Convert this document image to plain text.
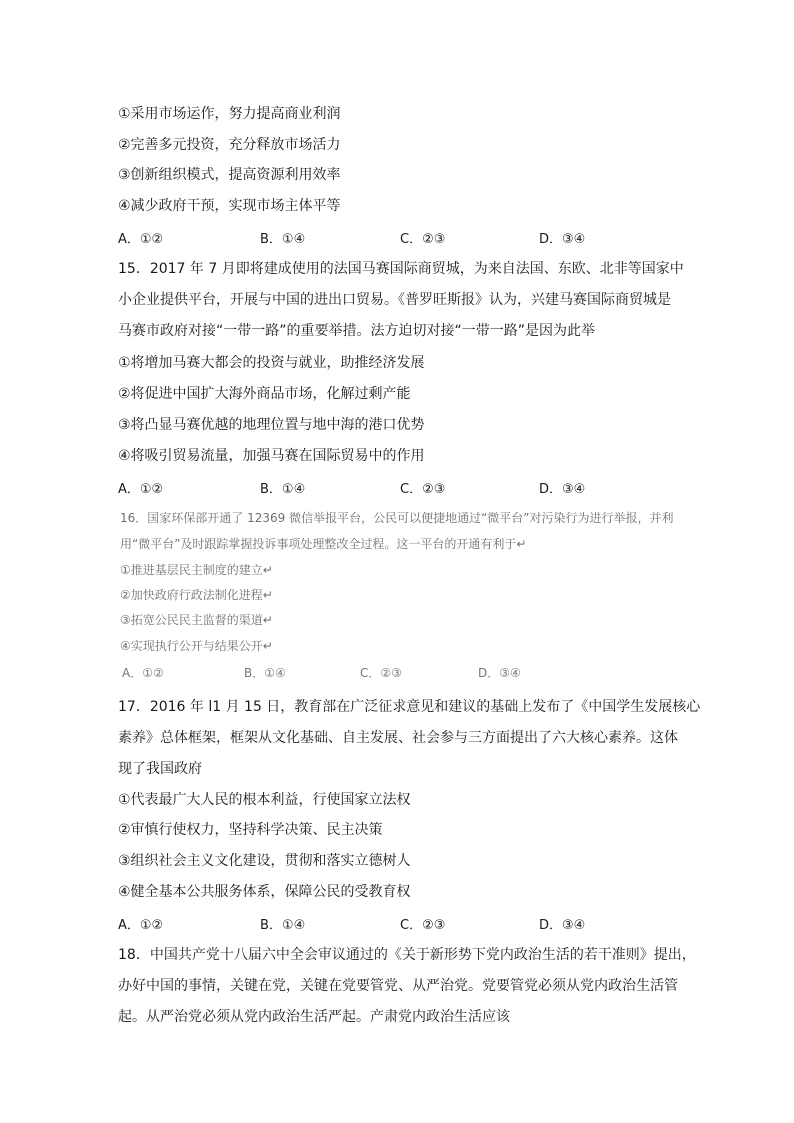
①采用市场运作，努力提高商业利润
②完善多元投资，充分释放市场活力
③创新组织模式，提高资源利用效率
④减少政府干预，实现市场主体平等
A．①②	B．①④	C．②③	D．③④
15．2017 年 7 月即将建成使用的法国马赛国际商贸城，为来自法国、东欧、北非等国家中
小企业提供平台，开展与中国的进出口贸易。《普罗旺斯报》认为，兴建马赛国际商贸城是
马赛市政府对接“一带一路”的重要举措。法方迫切对接“一带一路”是因为此举
①将增加马赛大都会的投资与就业，助推经济发展
②将促进中国扩大海外商品市场，化解过剩产能
③将凸显马赛优越的地理位置与地中海的港口优势
④将吸引贸易流量，加强马赛在国际贸易中的作用
A．①②	B．①④	C．②③	D．③④
16．国家环保部开通了 12369 微信举报平台，公民可以便捷地通过“微平台”对污染行为进行举报，并利
用“微平台”及时跟踪掌握投诉事项处理整改全过程。这一平台的开通有利于↵
①推进基层民主制度的建立↵
②加快政府行政法制化进程↵
③拓宽公民民主监督的渠道↵
④实现执行公开与结果公开↵
A．①②	B．①④	C．②③	D．③④
17．2016 年 l1 月 15 日，教育部在广泛征求意见和建议的基础上发布了《中国学生发展核心
素养》总体框架，框架从文化基础、自主发展、社会参与三方面提出了六大核心素养。这体
现了我国政府
①代表最广大人民的根本利益，行使国家立法权
②审慎行使权力，坚持科学决策、民主决策
③组织社会主义文化建设，贯彻和落实立德树人
④健全基本公共服务体系，保障公民的受教育权
A．①②	B．①④	C．②③	D．③④
18．中国共产党十八届六中全会审议通过的《关于新形势下党内政治生活的若干准则》提出，
办好中国的事情，关键在党，关键在党要管党、从严治党。党要管党必须从党内政治生活管
起。从严治党必须从党内政治生活严起。产肃党内政治生活应该
